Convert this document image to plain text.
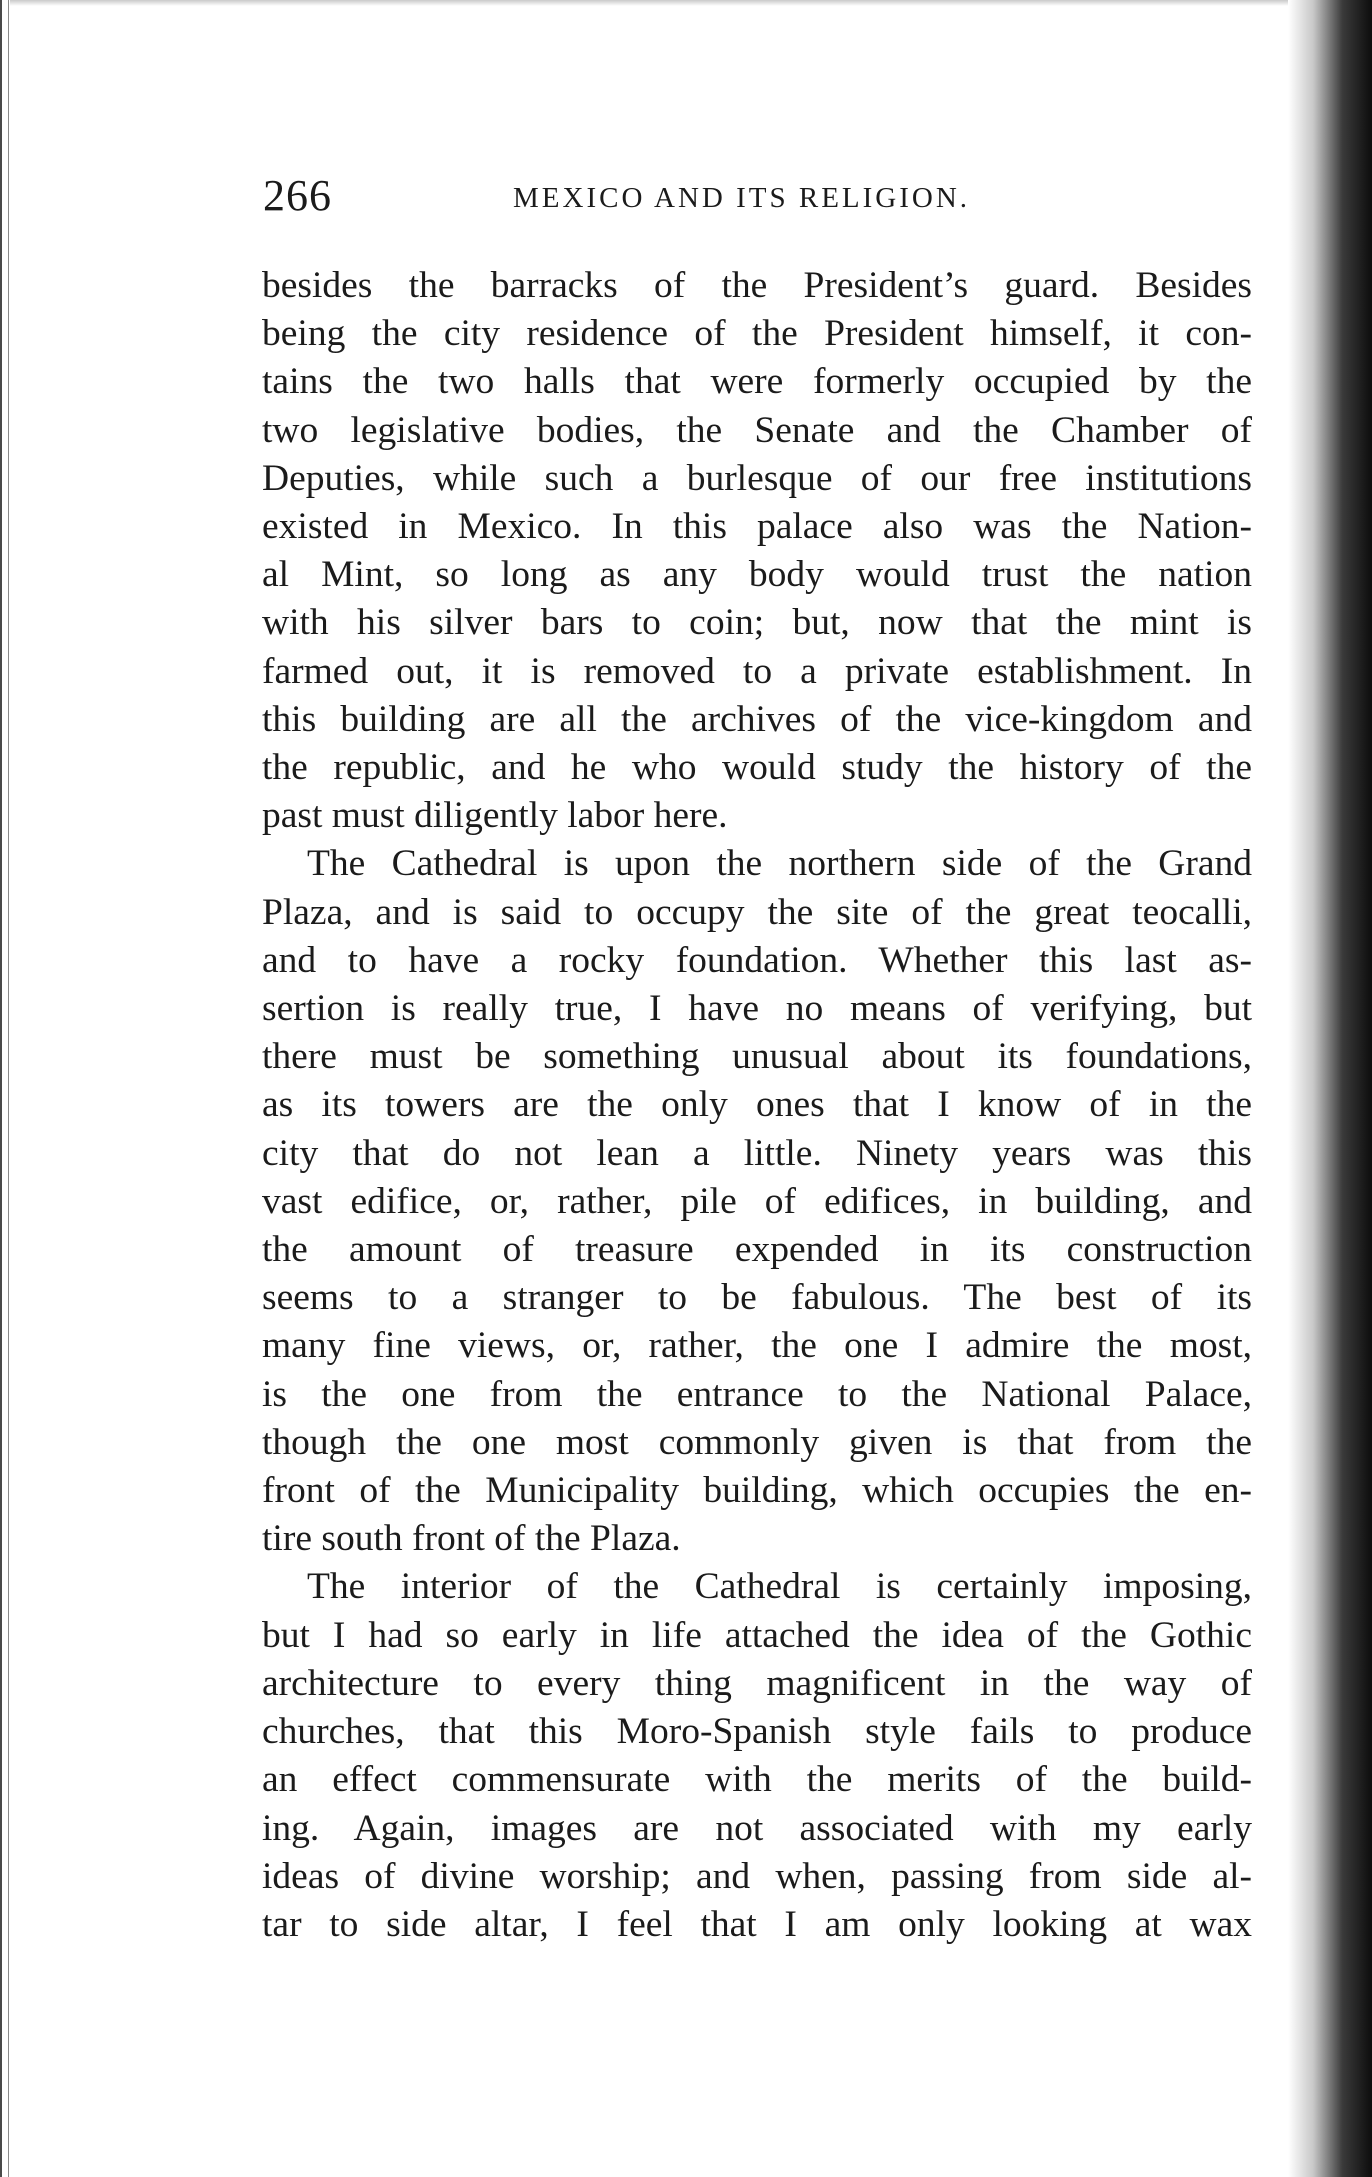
266	MEXICO AND ITS RELIGION.
besides the barracks of the President’s guard. Besides
being the city residence of the President himself, it con-
tains the two halls that were formerly occupied by the
two legislative bodies, the Senate and the Chamber of
Deputies, while such a burlesque of our free institutions
existed in Mexico. In this palace also was the Nation-
al Mint, so long as any body would trust the nation
with his silver bars to coin; but, now that the mint is
farmed out, it is removed to a private establishment. In
this building are all the archives of the vice-kingdom and
the republic, and he who would study the history of the
past must diligently labor here.
The Cathedral is upon the northern side of the Grand
Plaza, and is said to occupy the site of the great teocalli,
and to have a rocky foundation. Whether this last as-
sertion is really true, I have no means of verifying, but
there must be something unusual about its foundations,
as its towers are the only ones that I know of in the
city that do not lean a little. Ninety years was this
vast edifice, or, rather, pile of edifices, in building, and
the amount of treasure expended in its construction
seems to a stranger to be fabulous. The best of its
many fine views, or, rather, the one I admire the most,
is the one from the entrance to the National Palace,
though the one most commonly given is that from the
front of the Municipality building, which occupies the en-
tire south front of the Plaza.
The interior of the Cathedral is certainly imposing,
but I had so early in life attached the idea of the Gothic
architecture to every thing magnificent in the way of
churches, that this Moro-Spanish style fails to produce
an effect commensurate with the merits of the build-
ing. Again, images are not associated with my early
ideas of divine worship; and when, passing from side al-
tar to side altar, I feel that I am only looking at wax
